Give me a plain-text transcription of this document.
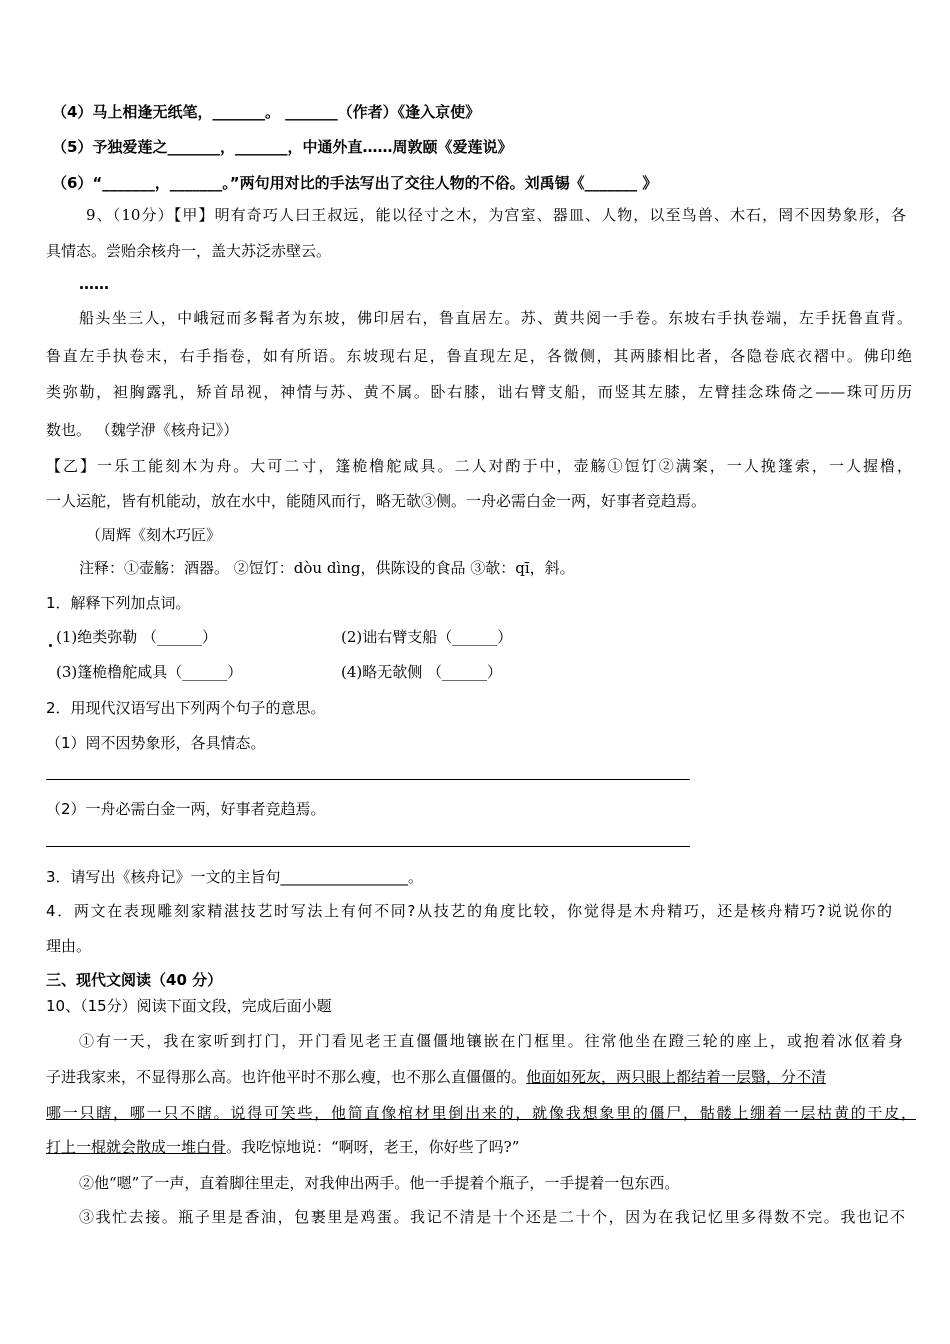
（4）马上相逢无纸笔，_______。 _______（作者）《逢入京使》
（5）予独爱莲之_______，_______，中通外直……周敦颐《爱莲说》
（6）“_______，_______。”两句用对比的手法写出了交往人物的不俗。刘禹锡《_______ 》
9、（10分）【甲】明有奇巧人曰王叔远，能以径寸之木，为宫室、器皿、人物，以至鸟兽、木石，罔不因势象形，各
具情态。尝贻余核舟一，盖大苏泛赤壁云。
……
船头坐三人，中峨冠而多髯者为东坡，佛印居右，鲁直居左。苏、黄共阅一手卷。东坡右手执卷端，左手抚鲁直背。
鲁直左手执卷末，右手指卷，如有所语。东坡现右足，鲁直现左足，各微侧，其两膝相比者，各隐卷底衣褶中。佛印绝
类弥勒，袒胸露乳，矫首昂视，神情与苏、黄不属。卧右膝，诎右臂支船，而竖其左膝，左臂挂念珠倚之——珠可历历
数也。 （魏学洢《核舟记》）
【乙】一乐工能刻木为舟。大可二寸，篷桅橹舵咸具。二人对酌于中，壶觞①饾饤②满案，一人挽篷索，一人握橹，
一人运舵，皆有机能动，放在水中，能随风而行，略无欹③侧。一舟必需白金一两，好事者竞趋焉。
（周辉《刻木巧匠》
注释：①壶觞：酒器。 ②饾饤：dòu dìng，供陈设的食品 ③欹：qī，斜。
1．解释下列加点词。
(1)绝类弥勒 （______）	(2)诎右臂支船（______）
(3)篷桅橹舵咸具（______）	(4)略无欹侧 （______）
2．用现代汉语写出下列两个句子的意思。
（1）罔不因势象形，各具情态。
（2）一舟必需白金一两，好事者竞趋焉。
3．请写出《核舟记》一文的主旨句_________________。
4．两文在表现雕刻家精湛技艺时写法上有何不同?从技艺的角度比较，你觉得是木舟精巧，还是核舟精巧?说说你的
理由。
三、现代文阅读（40 分）
10、（15分）阅读下面文段，完成后面小题
①有一天，我在家听到打门，开门看见老王直僵僵地镶嵌在门框里。往常他坐在蹬三轮的座上，或抱着冰伛着身
子进我家来，不显得那么高。也许他平时不那么瘦，也不那么直僵僵的。他面如死灰，两只眼上都结着一层翳，分不清
哪一只瞎，哪一只不瞎。说得可笑些，他简直像棺材里倒出来的，就像我想象里的僵尸，骷髅上绷着一层枯黄的干皮，
打上一棍就会散成一堆白骨。我吃惊地说：“啊呀，老王，你好些了吗?”
②他“嗯”了一声，直着脚往里走，对我伸出两手。他一手提着个瓶子，一手提着一包东西。
③我忙去接。瓶子里是香油，包裹里是鸡蛋。我记不清是十个还是二十个，因为在我记忆里多得数不完。我也记不
